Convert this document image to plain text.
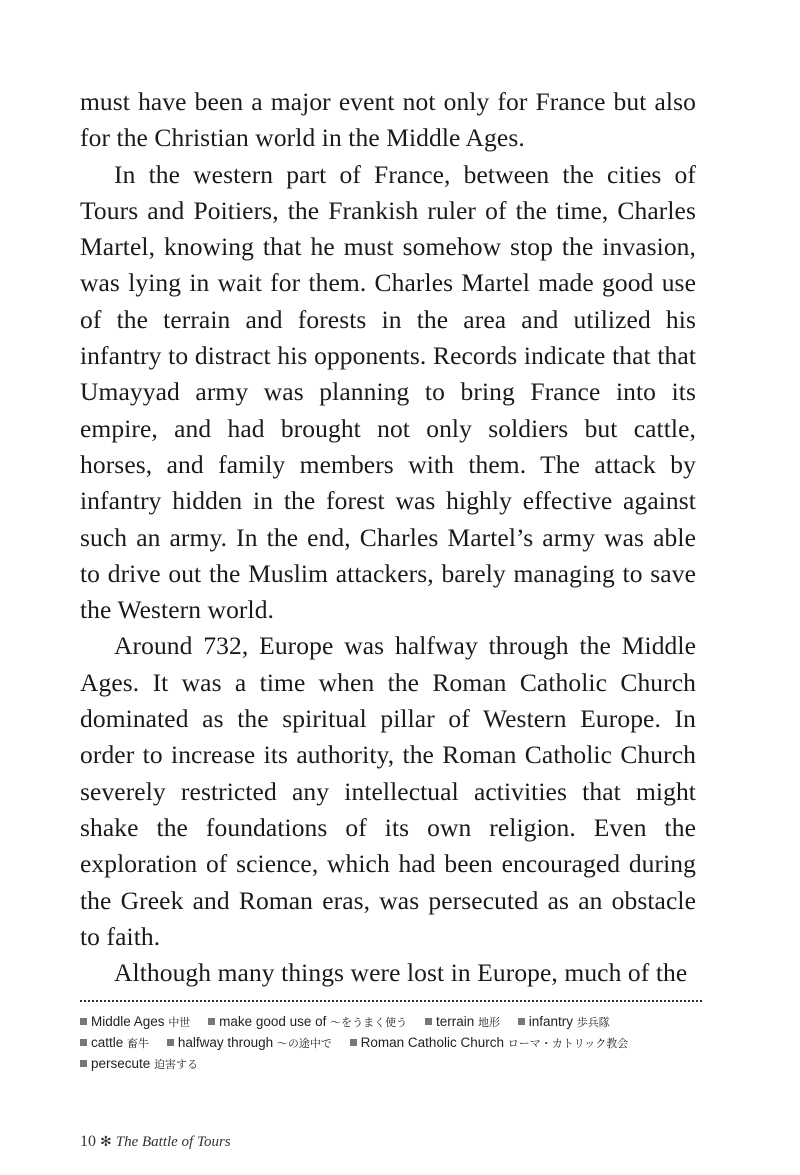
must have been a major event not only for France but also for the Christian world in the Middle Ages.

In the western part of France, between the cities of Tours and Poitiers, the Frankish ruler of the time, Charles Martel, knowing that he must somehow stop the invasion, was lying in wait for them. Charles Martel made good use of the terrain and forests in the area and utilized his infantry to distract his opponents. Records indicate that that Umayyad army was planning to bring France into its empire, and had brought not only soldiers but cattle, horses, and family members with them. The attack by infantry hidden in the forest was highly effective against such an army. In the end, Charles Martel’s army was able to drive out the Muslim attackers, barely managing to save the Western world.

Around 732, Europe was halfway through the Middle Ages. It was a time when the Roman Catholic Church dominated as the spiritual pillar of Western Europe. In order to increase its authority, the Roman Catholic Church severely restricted any intellectual activities that might shake the foundations of its own religion. Even the exploration of science, which had been encouraged during the Greek and Roman eras, was persecuted as an obstacle to faith.

Although many things were lost in Europe, much of the

Middle Ages 中世 make good use of 〜をうまく使う terrain 地形 infantry 歩兵隊
cattle 畜牛 halfway through 〜の途中で Roman Catholic Church ローマ・カトリック教会
persecute 迫害する
10 ✻ The Battle of Tours
